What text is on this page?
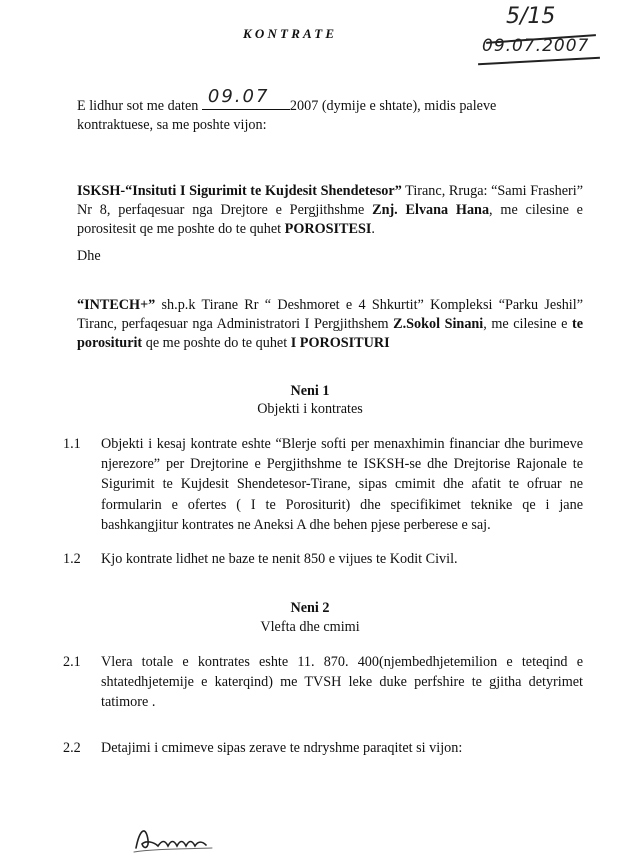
KONTRATE
5/15
09.07.2007
E lidhur sot me daten 09.07 2007 (dymije e shtate), midis paleve
kontraktuese, sa me poshte vijon:
ISKSH-“Insituti I Sigurimit te Kujdesit Shendetesor” Tiranc, Rruga: “Sami Frasheri” Nr 8, perfaqesuar nga Drejtore e Pergjithshme Znj. Elvana Hana, me cilesine e porositesit qe me poshte do te quhet POROSITESI.
Dhe
“INTECH+” sh.p.k Tirane Rr “ Deshmoret e 4 Shkurtit” Kompleksi “Parku Jeshil” Tiranc, perfaqesuar nga Administratori I Pergjithshem Z.Sokol Sinani, me cilesine e te porositurit qe me poshte do te quhet I POROSITURI
Neni 1
Objekti i kontrates
1.1 Objekti i kesaj kontrate eshte “Blerje softi per menaxhimin financiar dhe burimeve njerezore” per Drejtorine e Pergjithshme te ISKSH-se dhe Drejtorise Rajonale te Sigurimit te Kujdesit Shendetesor-Tirane, sipas cmimit dhe afatit te ofruar ne formularin e ofertes ( I te Porositurit) dhe specifikimet teknike qe i jane bashkangjitur kontrates ne Aneksi A dhe behen pjese perberese e saj.
1.2 Kjo kontrate lidhet ne baze te nenit 850 e vijues te Kodit Civil.
Neni 2
Vlefta dhe cmimi
2.1 Vlera totale e kontrates eshte 11. 870. 400(njembedhjetemilion e teteqind e shtatedhjetemije e katerqind) me TVSH leke duke perfshire te gjitha detyrimet tatimore .
2.2 Detajimi i cmimeve sipas zerave te ndryshme paraqitet si vijon:
